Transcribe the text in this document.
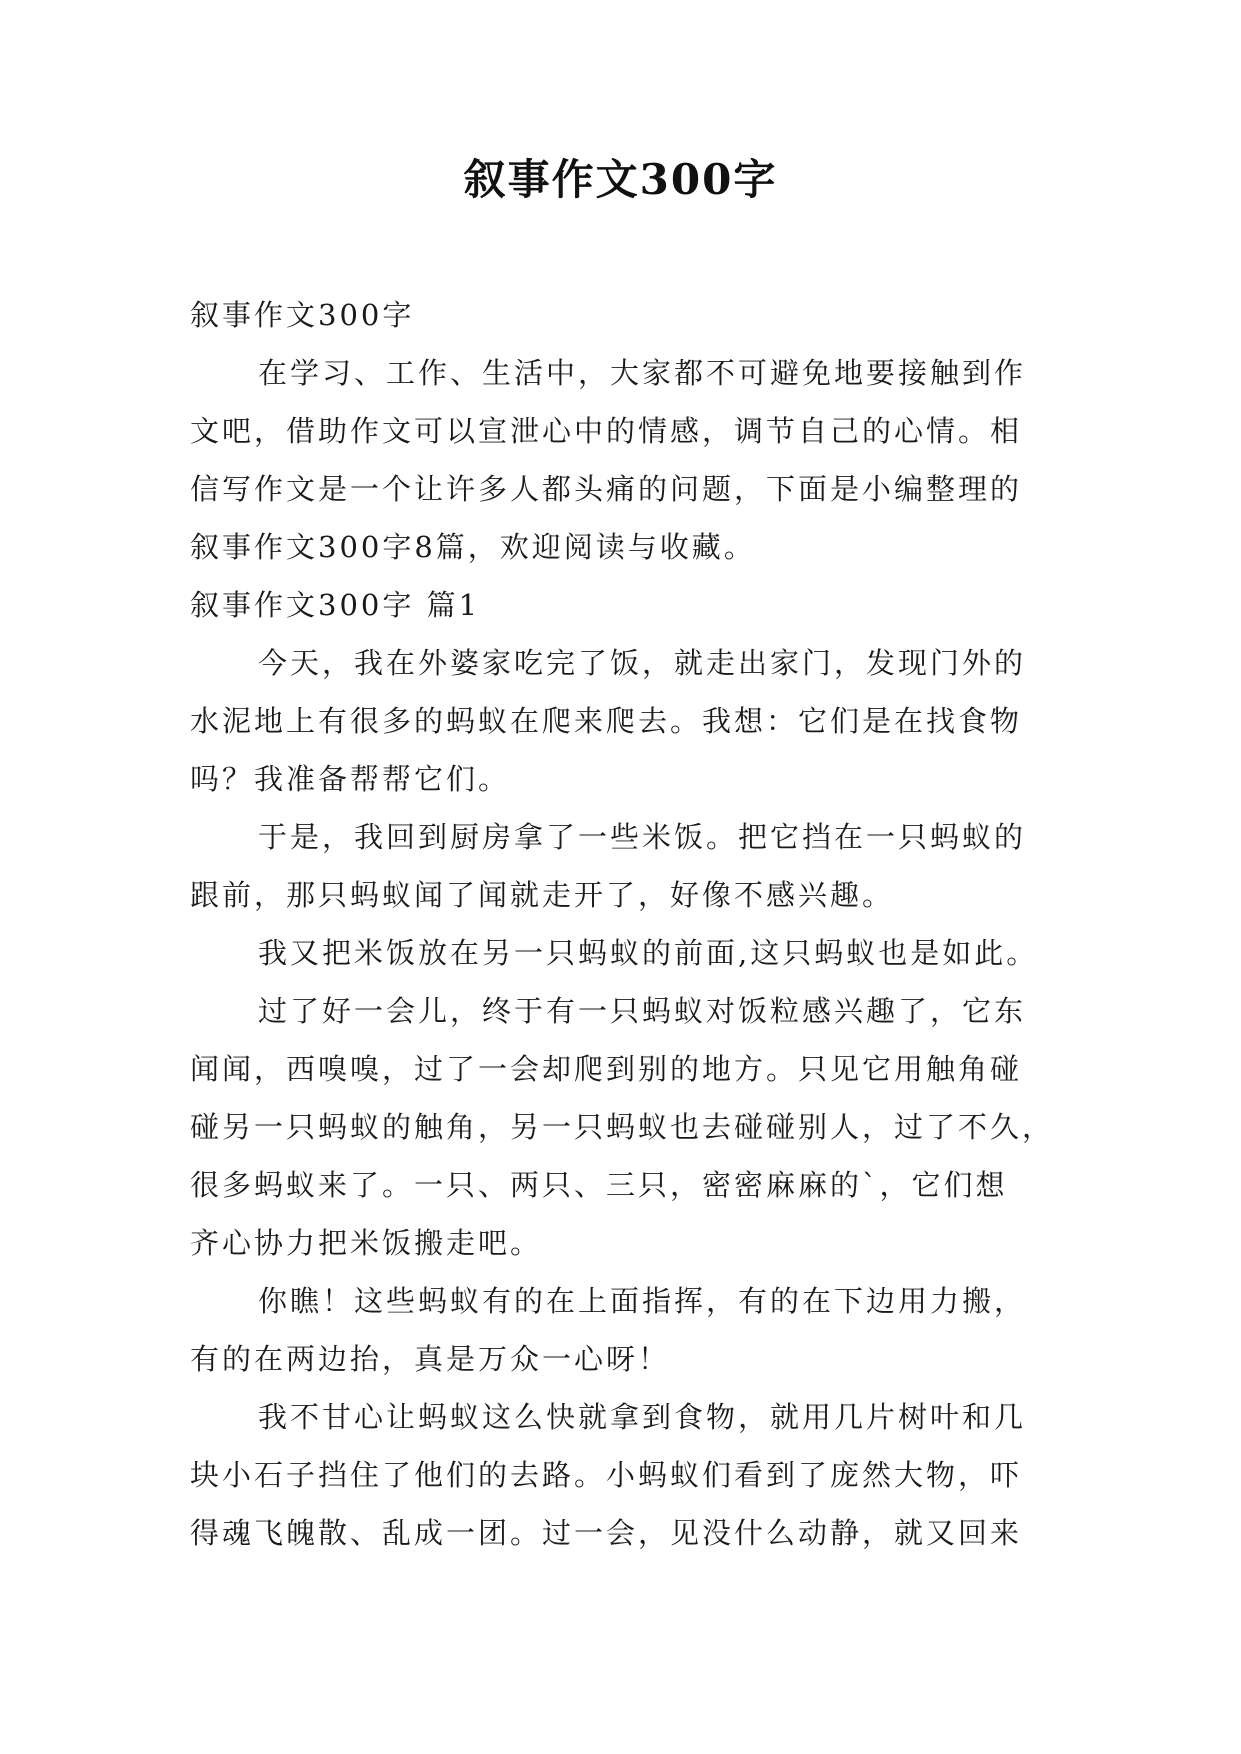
叙事作文300字
叙事作文300字
在学习、工作、生活中，大家都不可避免地要接触到作
文吧，借助作文可以宣泄心中的情感，调节自己的心情。相
信写作文是一个让许多人都头痛的问题，下面是小编整理的
叙事作文300字8篇，欢迎阅读与收藏。
叙事作文300字 篇1
今天，我在外婆家吃完了饭，就走出家门，发现门外的
水泥地上有很多的蚂蚁在爬来爬去。我想：它们是在找食物
吗？我准备帮帮它们。
于是，我回到厨房拿了一些米饭。把它挡在一只蚂蚁的
跟前，那只蚂蚁闻了闻就走开了，好像不感兴趣。
我又把米饭放在另一只蚂蚁的前面,这只蚂蚁也是如此。
过了好一会儿，终于有一只蚂蚁对饭粒感兴趣了，它东
闻闻，西嗅嗅，过了一会却爬到别的地方。只见它用触角碰
碰另一只蚂蚁的触角，另一只蚂蚁也去碰碰别人，过了不久，
很多蚂蚁来了。一只、两只、三只，密密麻麻的`，它们想
齐心协力把米饭搬走吧。
你瞧！这些蚂蚁有的在上面指挥，有的在下边用力搬，
有的在两边抬，真是万众一心呀！
我不甘心让蚂蚁这么快就拿到食物，就用几片树叶和几
块小石子挡住了他们的去路。小蚂蚁们看到了庞然大物，吓
得魂飞魄散、乱成一团。过一会，见没什么动静，就又回来
